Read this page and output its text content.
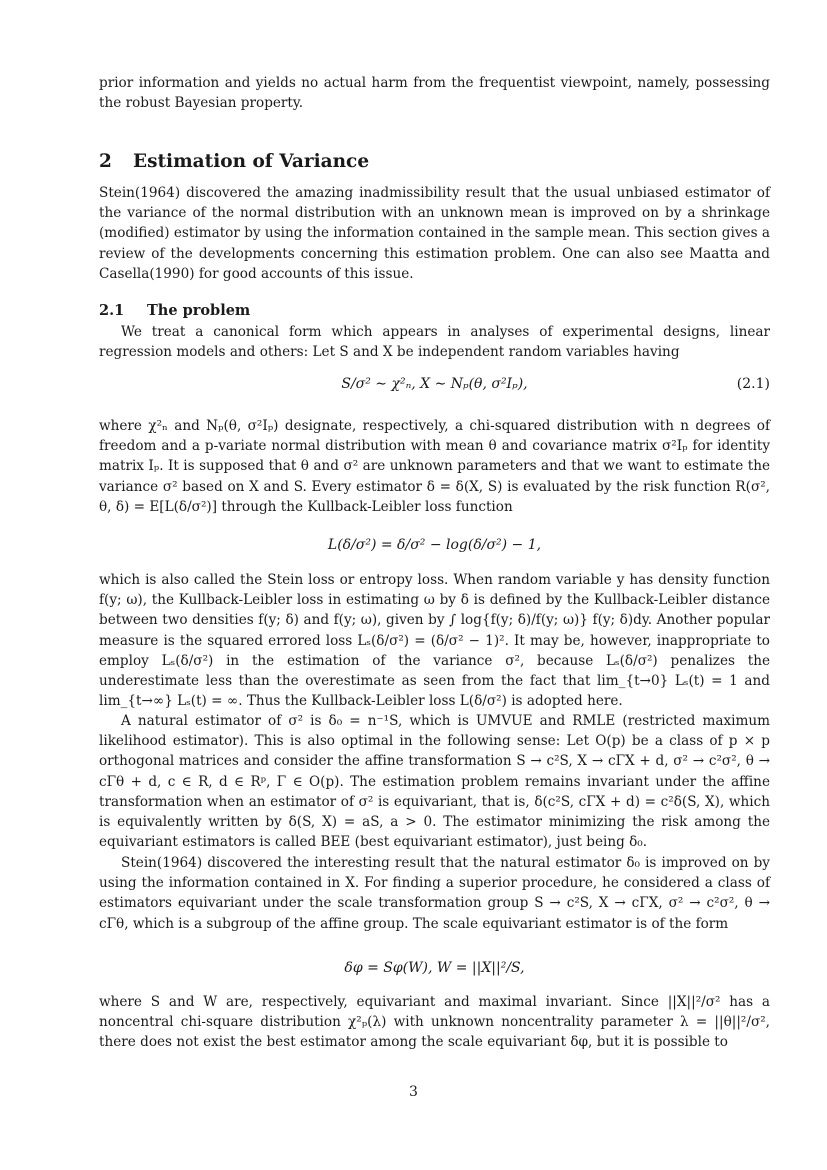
prior information and yields no actual harm from the frequentist viewpoint, namely, possessing the robust Bayesian property.

2 Estimation of Variance

Stein(1964) discovered the amazing inadmissibility result that the usual unbiased estimator of the variance of the normal distribution with an unknown mean is improved on by a shrinkage (modified) estimator by using the information contained in the sample mean. This section gives a review of the developments concerning this estimation problem. One can also see Maatta and Casella(1990) for good accounts of this issue.

2.1 The problem

We treat a canonical form which appears in analyses of experimental designs, linear regression models and others: Let S and X be independent random variables having

S/σ² ∼ χ²ₙ, X ∼ Nₚ(θ, σ²Iₚ),	(2.1)

where χ²ₙ and Nₚ(θ, σ²Iₚ) designate, respectively, a chi-squared distribution with n degrees of freedom and a p-variate normal distribution with mean θ and covariance matrix σ²Iₚ for identity matrix Iₚ. It is supposed that θ and σ² are unknown parameters and that we want to estimate the variance σ² based on X and S. Every estimator δ = δ(X, S) is evaluated by the risk function R(σ², θ, δ) = E[L(δ/σ²)] through the Kullback-Leibler loss function

L(δ/σ²) = δ/σ² − log(δ/σ²) − 1,

which is also called the Stein loss or entropy loss. When random variable y has density function f(y; ω), the Kullback-Leibler loss in estimating ω by δ is defined by the Kullback-Leibler distance between two densities f(y; δ) and f(y; ω), given by ∫ log{f(y; δ)/f(y; ω)} f(y; δ)dy. Another popular measure is the squared errored loss Lₛ(δ/σ²) = (δ/σ² − 1)². It may be, however, inappropriate to employ Lₛ(δ/σ²) in the estimation of the variance σ², because Lₛ(δ/σ²) penalizes the underestimate less than the overestimate as seen from the fact that lim_{t→0} Lₛ(t) = 1 and lim_{t→∞} Lₛ(t) = ∞. Thus the Kullback-Leibler loss L(δ/σ²) is adopted here.

A natural estimator of σ² is δ₀ = n⁻¹S, which is UMVUE and RMLE (restricted maximum likelihood estimator). This is also optimal in the following sense: Let O(p) be a class of p × p orthogonal matrices and consider the affine transformation S → c²S, X → cΓX + d, σ² → c²σ², θ → cΓθ + d, c ∈ R, d ∈ Rᵖ, Γ ∈ O(p). The estimation problem remains invariant under the affine transformation when an estimator of σ² is equivariant, that is, δ(c²S, cΓX + d) = c²δ(S, X), which is equivalently written by δ(S, X) = aS, a > 0. The estimator minimizing the risk among the equivariant estimators is called BEE (best equivariant estimator), just being δ₀.

Stein(1964) discovered the interesting result that the natural estimator δ₀ is improved on by using the information contained in X. For finding a superior procedure, he considered a class of estimators equivariant under the scale transformation group S → c²S, X → cΓX, σ² → c²σ², θ → cΓθ, which is a subgroup of the affine group. The scale equivariant estimator is of the form

δφ = Sφ(W), W = ||X||²/S,

where S and W are, respectively, equivariant and maximal invariant. Since ||X||²/σ² has a noncentral chi-square distribution χ²ₚ(λ) with unknown noncentrality parameter λ = ||θ||²/σ², there does not exist the best estimator among the scale equivariant δφ, but it is possible to

3
